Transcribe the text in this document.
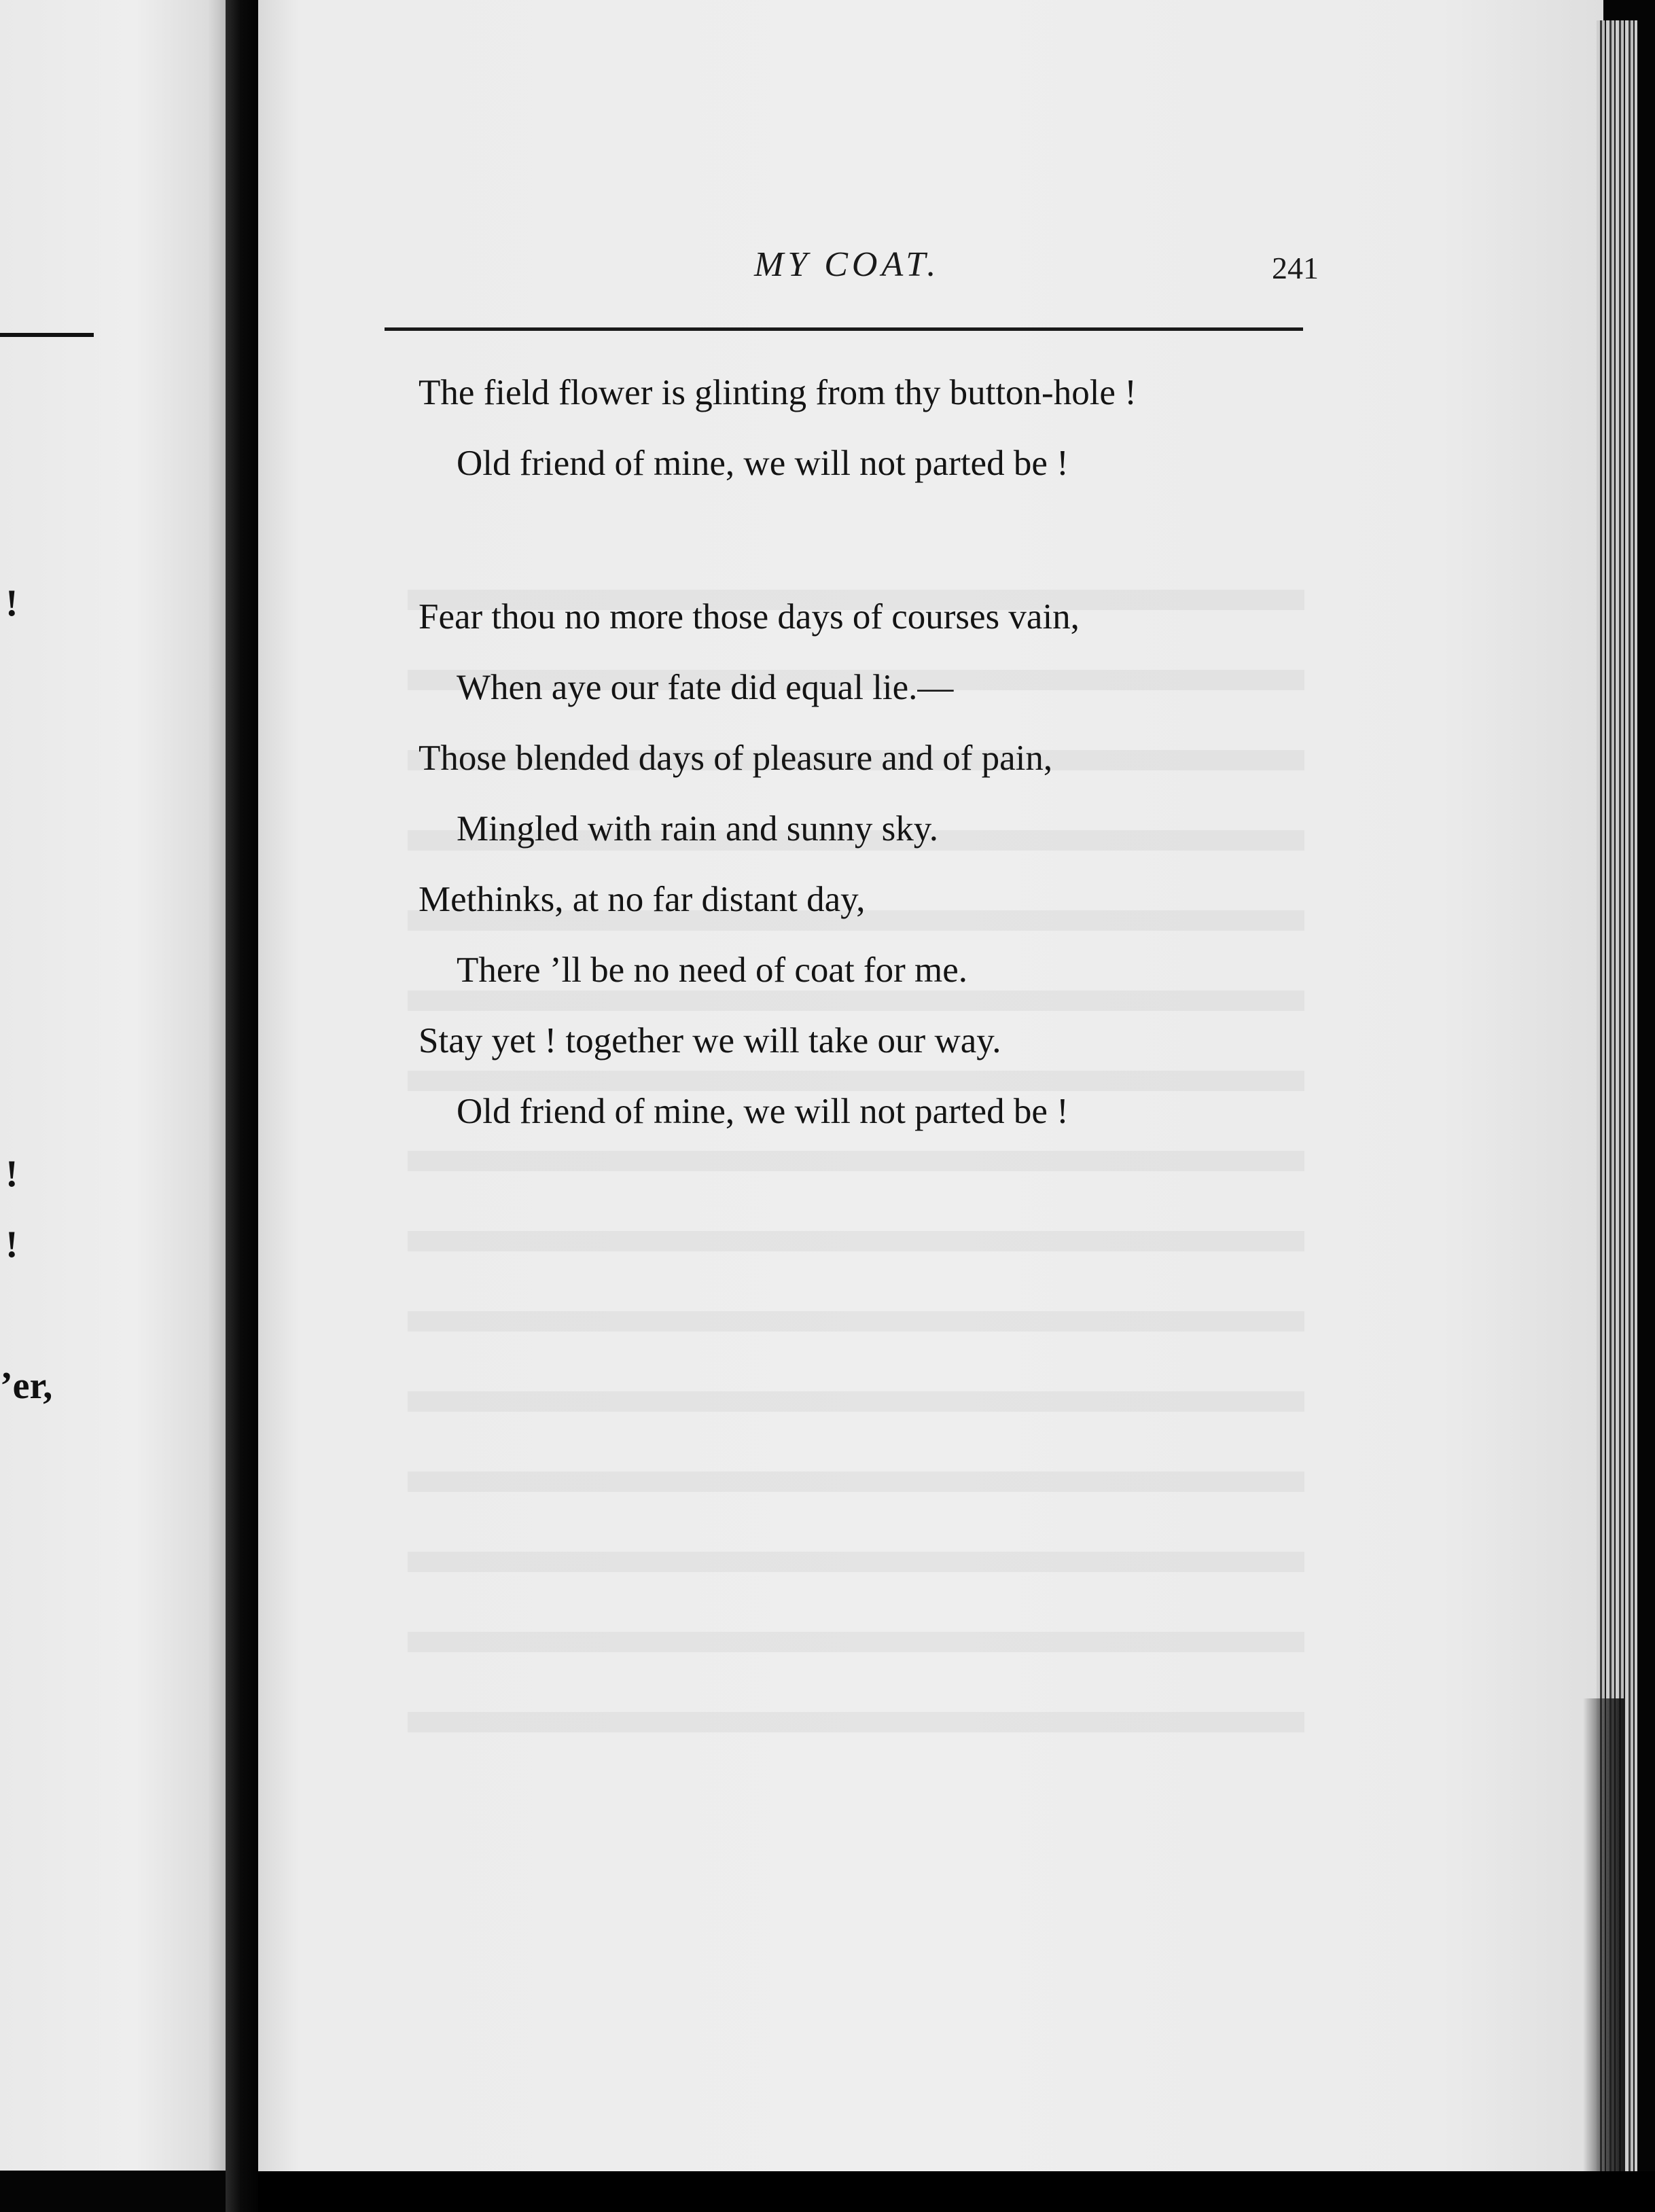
!
!
!
’er,
MY COAT.	241
The field flower is glinting from thy button-hole !
Old friend of mine, we will not parted be !
Fear thou no more those days of courses vain,
When aye our fate did equal lie.—
Those blended days of pleasure and of pain,
Mingled with rain and sunny sky.
Methinks, at no far distant day,
There ’ll be no need of coat for me.
Stay yet ! together we will take our way.
Old friend of mine, we will not parted be !
